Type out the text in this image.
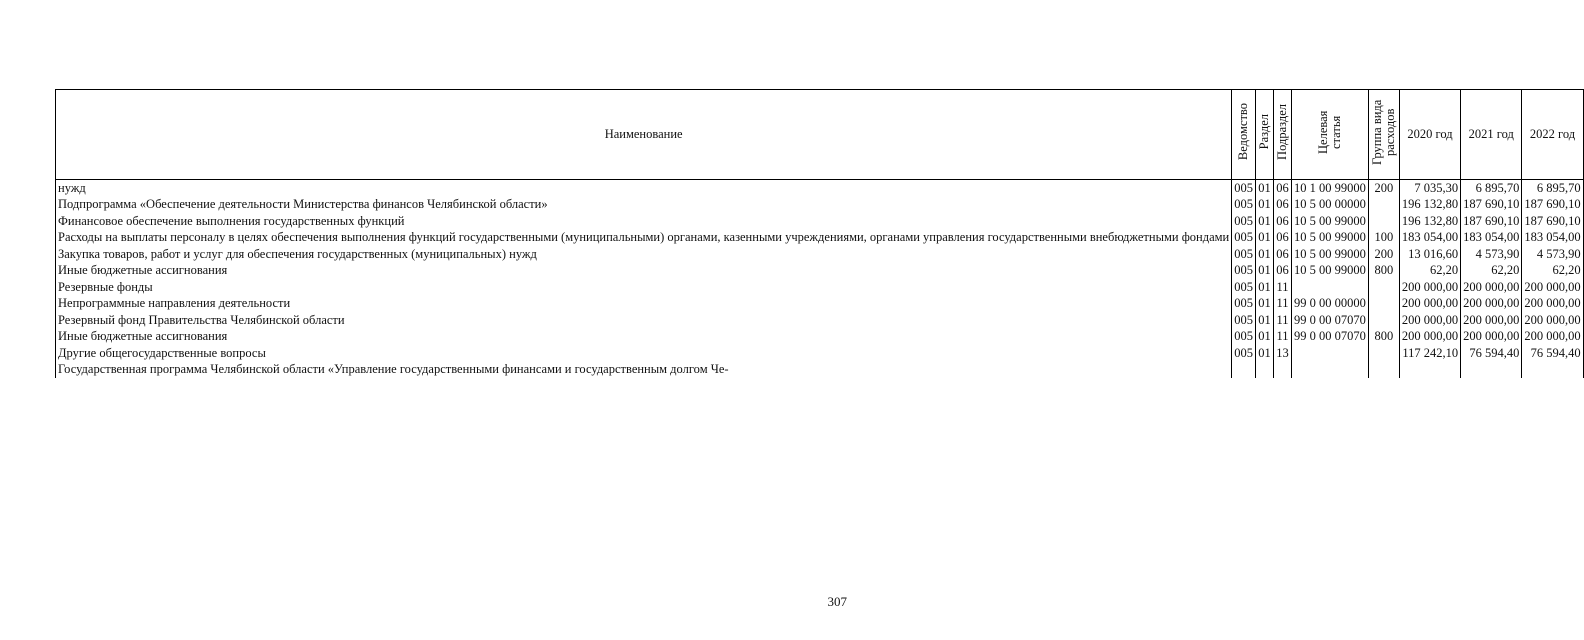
Наименование	Ведомство	Раздел	Подраздел	Целевая статья	Группа вида расходов	2020 год	2021 год	2022 год
нужд	005	01	06	10 1 00 99000	200	7 035,30	6 895,70	6 895,70
Подпрограмма «Обеспечение деятельности Министерства финансов Челябинской области»	005	01	06	10 5 00 00000		196 132,80	187 690,10	187 690,10
Финансовое обеспечение выполнения государственных функций	005	01	06	10 5 00 99000		196 132,80	187 690,10	187 690,10
Расходы на выплаты персоналу в целях обеспечения выполнения функций государственными (муниципальными) органами, казенными учреждениями, органами управления государственными внебюджетными фондами	005	01	06	10 5 00 99000	100	183 054,00	183 054,00	183 054,00
Закупка товаров, работ и услуг для обеспечения государственных (муниципальных) нужд	005	01	06	10 5 00 99000	200	13 016,60	4 573,90	4 573,90
Иные бюджетные ассигнования	005	01	06	10 5 00 99000	800	62,20	62,20	62,20
Резервные фонды	005	01	11			200 000,00	200 000,00	200 000,00
Непрограммные направления деятельности	005	01	11	99 0 00 00000		200 000,00	200 000,00	200 000,00
Резервный фонд Правительства Челябинской области	005	01	11	99 0 00 07070		200 000,00	200 000,00	200 000,00
Иные бюджетные ассигнования	005	01	11	99 0 00 07070	800	200 000,00	200 000,00	200 000,00
Другие общегосударственные вопросы	005	01	13			117 242,10	76 594,40	76 594,40
Государственная программа Челябинской области «Управление государственными финансами и государственным долгом Че-								
307
